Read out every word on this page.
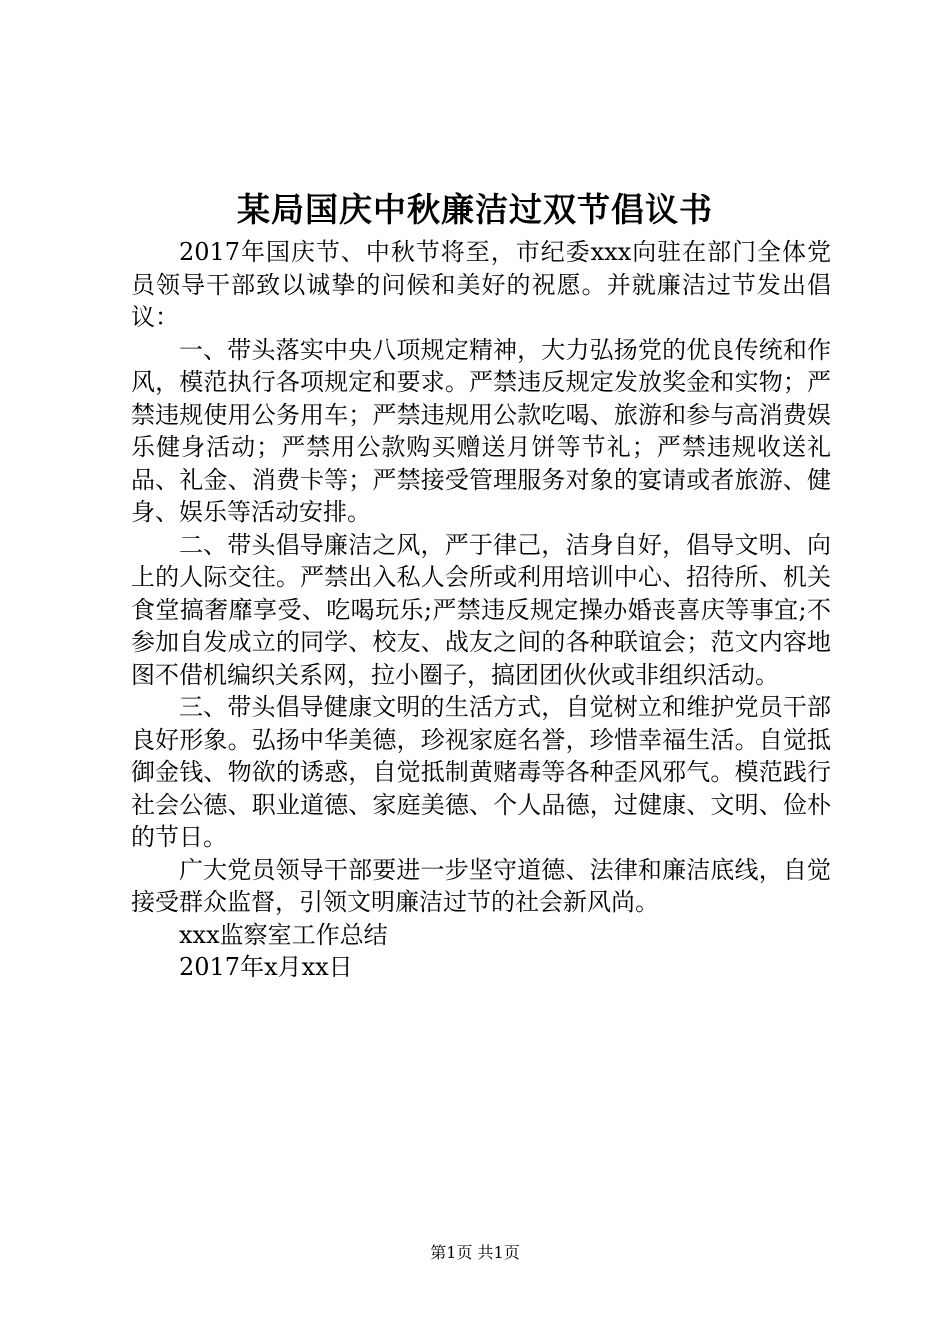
某局国庆中秋廉洁过双节倡议书

2017年国庆节、中秋节将至，市纪委xxx向驻在部门全体党员领导干部致以诚挚的问候和美好的祝愿。并就廉洁过节发出倡议：

一、带头落实中央八项规定精神，大力弘扬党的优良传统和作风，模范执行各项规定和要求。严禁违反规定发放奖金和实物；严禁违规使用公务用车；严禁违规用公款吃喝、旅游和参与高消费娱乐健身活动；严禁用公款购买赠送月饼等节礼；严禁违规收送礼品、礼金、消费卡等；严禁接受管理服务对象的宴请或者旅游、健身、娱乐等活动安排。

二、带头倡导廉洁之风，严于律己，洁身自好，倡导文明、向上的人际交往。严禁出入私人会所或利用培训中心、招待所、机关食堂搞奢靡享受、吃喝玩乐;严禁违反规定操办婚丧喜庆等事宜;不参加自发成立的同学、校友、战友之间的各种联谊会；范文内容地图不借机编织关系网，拉小圈子，搞团团伙伙或非组织活动。

三、带头倡导健康文明的生活方式，自觉树立和维护党员干部良好形象。弘扬中华美德，珍视家庭名誉，珍惜幸福生活。自觉抵御金钱、物欲的诱惑，自觉抵制黄赌毒等各种歪风邪气。模范践行社会公德、职业道德、家庭美德、个人品德，过健康、文明、俭朴的节日。

广大党员领导干部要进一步坚守道德、法律和廉洁底线，自觉接受群众监督，引领文明廉洁过节的社会新风尚。

xxx监察室工作总结

2017年x月xx日

第1页 共1页
